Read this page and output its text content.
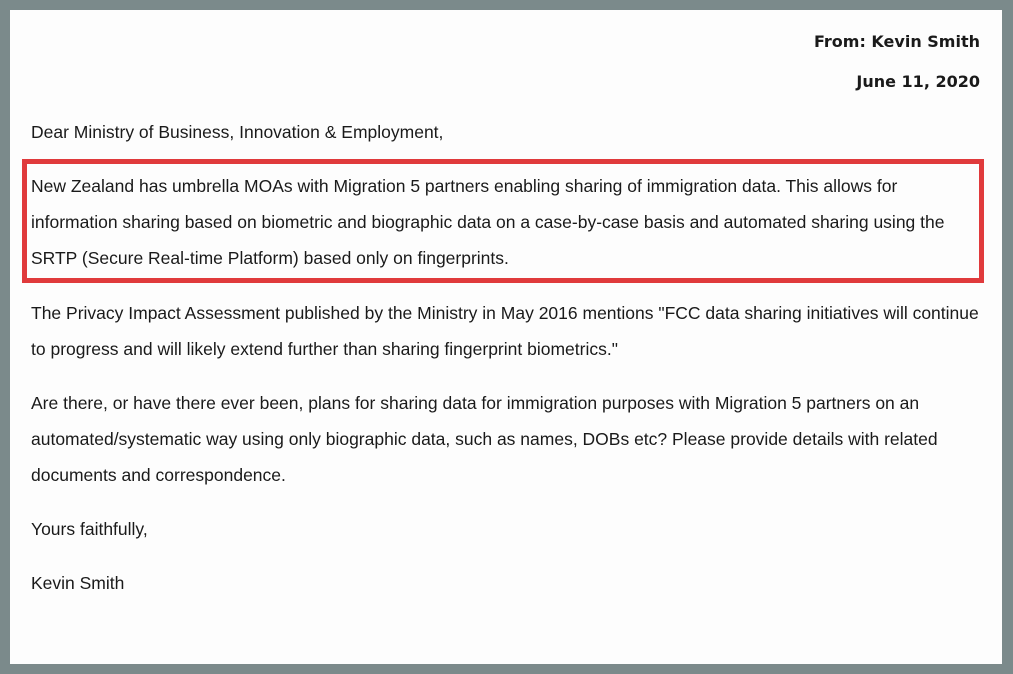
From: Kevin Smith
June 11, 2020

Dear Ministry of Business, Innovation & Employment,

New Zealand has umbrella MOAs with Migration 5 partners enabling sharing of immigration data. This allows for information sharing based on biometric and biographic data on a case-by-case basis and automated sharing using the SRTP (Secure Real-time Platform) based only on fingerprints.

The Privacy Impact Assessment published by the Ministry in May 2016 mentions "FCC data sharing initiatives will continue to progress and will likely extend further than sharing fingerprint biometrics."

Are there, or have there ever been, plans for sharing data for immigration purposes with Migration 5 partners on an automated/systematic way using only biographic data, such as names, DOBs etc? Please provide details with related documents and correspondence.

Yours faithfully,

Kevin Smith
